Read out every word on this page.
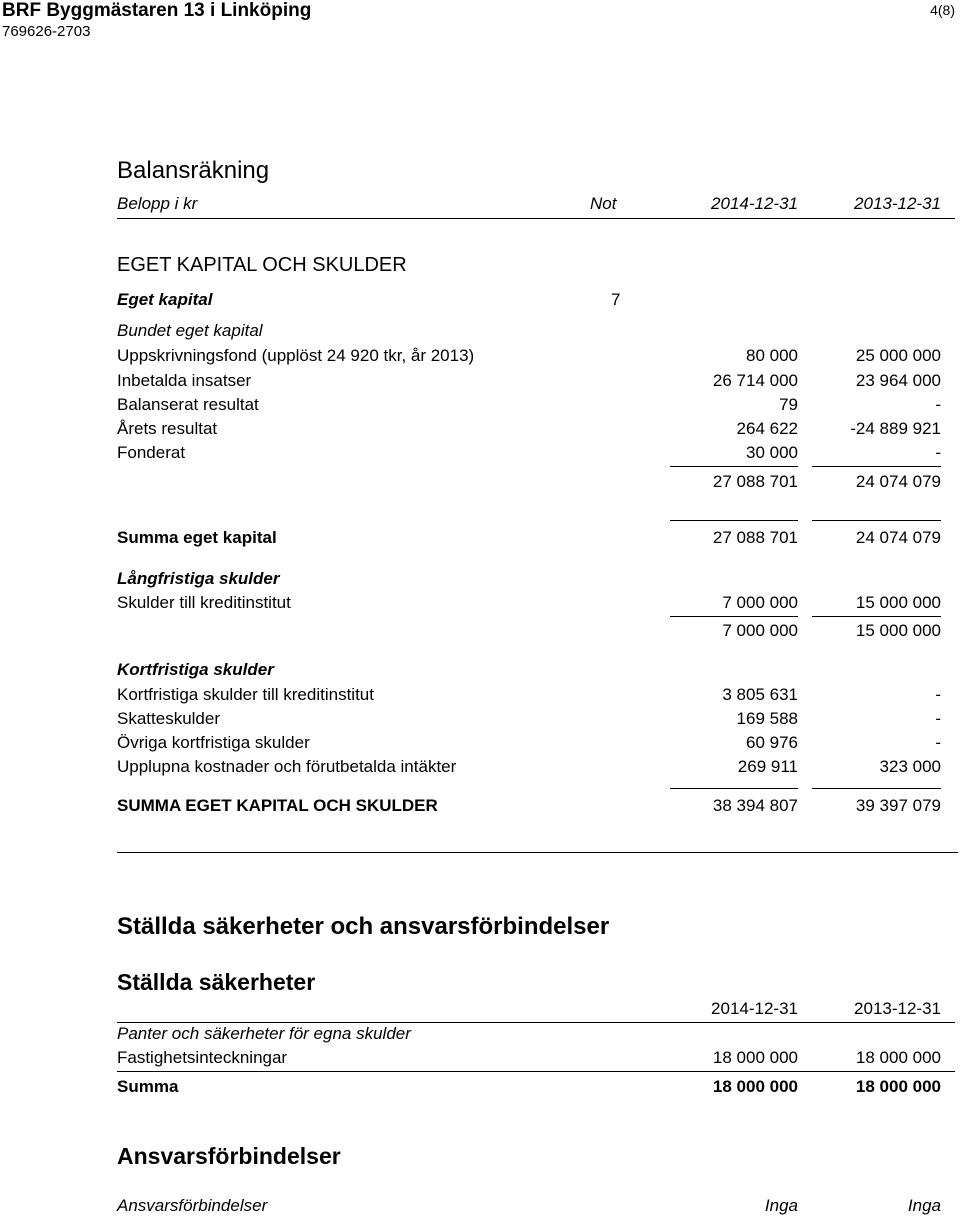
BRF Byggmästaren 13 i Linköping
769626-2703
4(8)
Balansräkning
Belopp i kr	Not	2014-12-31	2013-12-31
EGET KAPITAL OCH SKULDER
Eget kapital	7
Bundet eget kapital
Uppskrivningsfond (upplöst 24 920 tkr, år 2013)	80 000	25 000 000
Inbetalda insatser	26 714 000	23 964 000
Balanserat resultat	79	-
Årets resultat	264 622	-24 889 921
Fonderat	30 000	-
27 088 701	24 074 079
Summa eget kapital	27 088 701	24 074 079
Långfristiga skulder
Skulder till kreditinstitut	7 000 000	15 000 000
7 000 000	15 000 000
Kortfristiga skulder
Kortfristiga skulder till kreditinstitut	3 805 631	-
Skatteskulder	169 588	-
Övriga kortfristiga skulder	60 976	-
Upplupna kostnader och förutbetalda intäkter	269 911	323 000
SUMMA EGET KAPITAL OCH SKULDER	38 394 807	39 397 079
Ställda säkerheter och ansvarsförbindelser
Ställda säkerheter
2014-12-31	2013-12-31
Panter och säkerheter för egna skulder
Fastighetsinteckningar	18 000 000	18 000 000
Summa	18 000 000	18 000 000
Ansvarsförbindelser
Ansvarsförbindelser	Inga	Inga
